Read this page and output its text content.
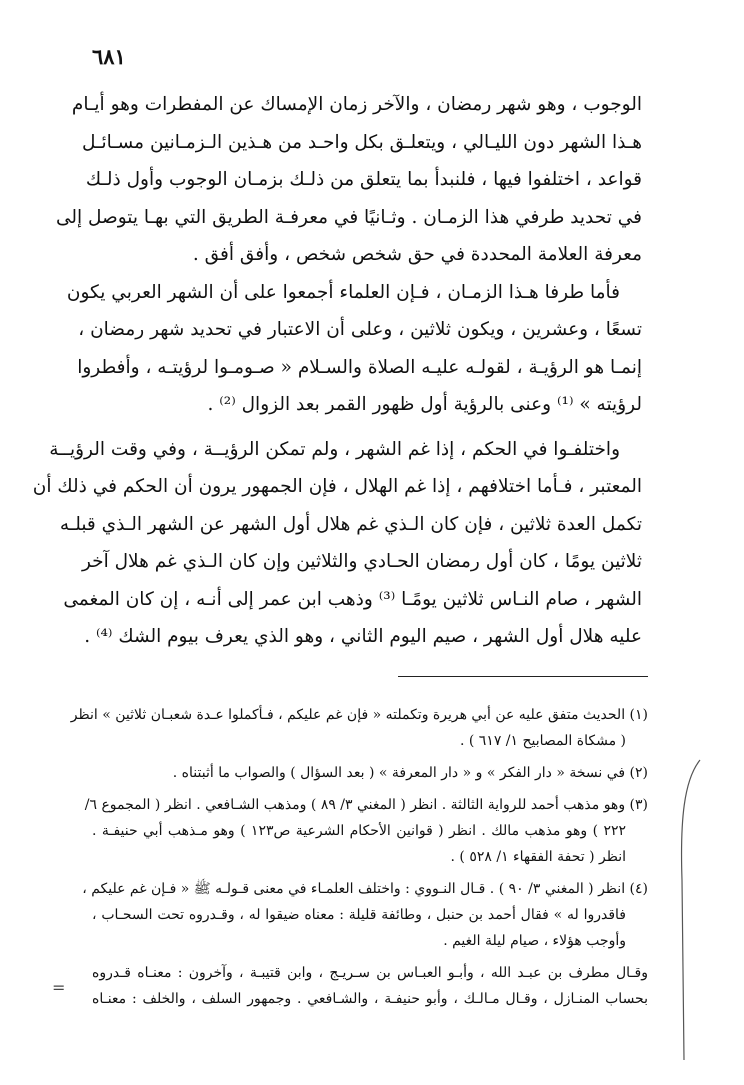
٦٨١
الوجوب ، وهو شهر رمضان ، والآخر زمان الإمساك عن المفطرات وهو أيـام
هـذا الشهر دون الليـالي ، ويتعلـق بكل واحـد من هـذين الـزمـانين مسـائـل
قواعد ، اختلفوا فيها ، فلنبدأ بما يتعلق من ذلـك بزمـان الوجوب وأول ذلـك
في تحديد طرفي هذا الزمـان . وثـانيًا في معرفـة الطريق التي بهـا يتوصل إلى
معرفة العلامة المحددة في حق شخص شخص ، وأفق أفق .
فأما طرفا هـذا الزمـان ، فـإن العلماء أجمعوا على أن الشهر العربي يكون
تسعًا ، وعشرين ، ويكون ثلاثين ، وعلى أن الاعتبار في تحديد شهر رمضان ،
إنمـا هو الرؤيـة ، لقولـه عليـه الصلاة والسـلام « صـومـوا لرؤيتـه ، وأفطروا
لرؤيته » ⁽¹⁾ وعنى بالرؤية أول ظهور القمر بعد الزوال ⁽²⁾ .
واختلفـوا في الحكم ، إذا غم الشهر ، ولم تمكن الرؤيــة ، وفي وقت الرؤيــة
المعتبر ، فـأما اختلافهم ، إذا غم الهلال ، فإن الجمهور يرون أن الحكم في ذلك أن
تكمل العدة ثلاثين ، فإن كان الـذي غم هلال أول الشهر عن الشهر الـذي قبلـه
ثلاثين يومًا ، كان أول رمضان الحـادي والثلاثين وإن كان الـذي غم هلال آخر
الشهر ، صام النـاس ثلاثين يومًـا ⁽³⁾ وذهب ابن عمر إلى أنـه ، إن كان المغمى
عليه هلال أول الشهر ، صيم اليوم الثاني ، وهو الذي يعرف بيوم الشك ⁽⁴⁾ .
(١) الحديث متفق عليه عن أبي هريرة وتكملته « فإن غم عليكم ، فـأكملوا عـدة شعبـان ثلاثين » انظر
( مشكاة المصابيح ١/ ٦١٧ ) .
(٢) في نسخة « دار الفكر » و « دار المعرفة » ( بعد السؤال ) والصواب ما أثبتناه .
(٣) وهو مذهب أحمد للرواية الثالثة . انظر ( المغني ٣/ ٨٩ ) ومذهب الشـافعي . انظر ( المجموع ٦/
٢٢٢ ) وهو مذهب مالك . انظر ( قوانين الأحكام الشرعية ص١٢٣ ) وهو مـذهب أبي حنيفـة .
انظر ( تحفة الفقهاء ١/ ٥٢٨ ) .
(٤) انظر ( المغني ٣/ ٩٠ ) . قـال النـووي : واختلف العلمـاء في معنى قـولـه ﷺ « فـإن غم عليكم ،
فاقدروا له » فقال أحمد بن حنبل ، وطائفة قليلة : معناه ضيقوا له ، وقـدروه تحت السحـاب ،
وأوجب هؤلاء ، صيام ليلة الغيم .
وقـال مطرف بن عبـد الله ، وأبـو العبـاس بن سـريـج ، وابن قتيبـة ، وآخرون : معنـاه قـدروه
بحساب المنـازل ، وقـال مـالـك ، وأبو حنيفـة ، والشـافعي . وجمهور السلف ، والخلف : معنـاه
=
